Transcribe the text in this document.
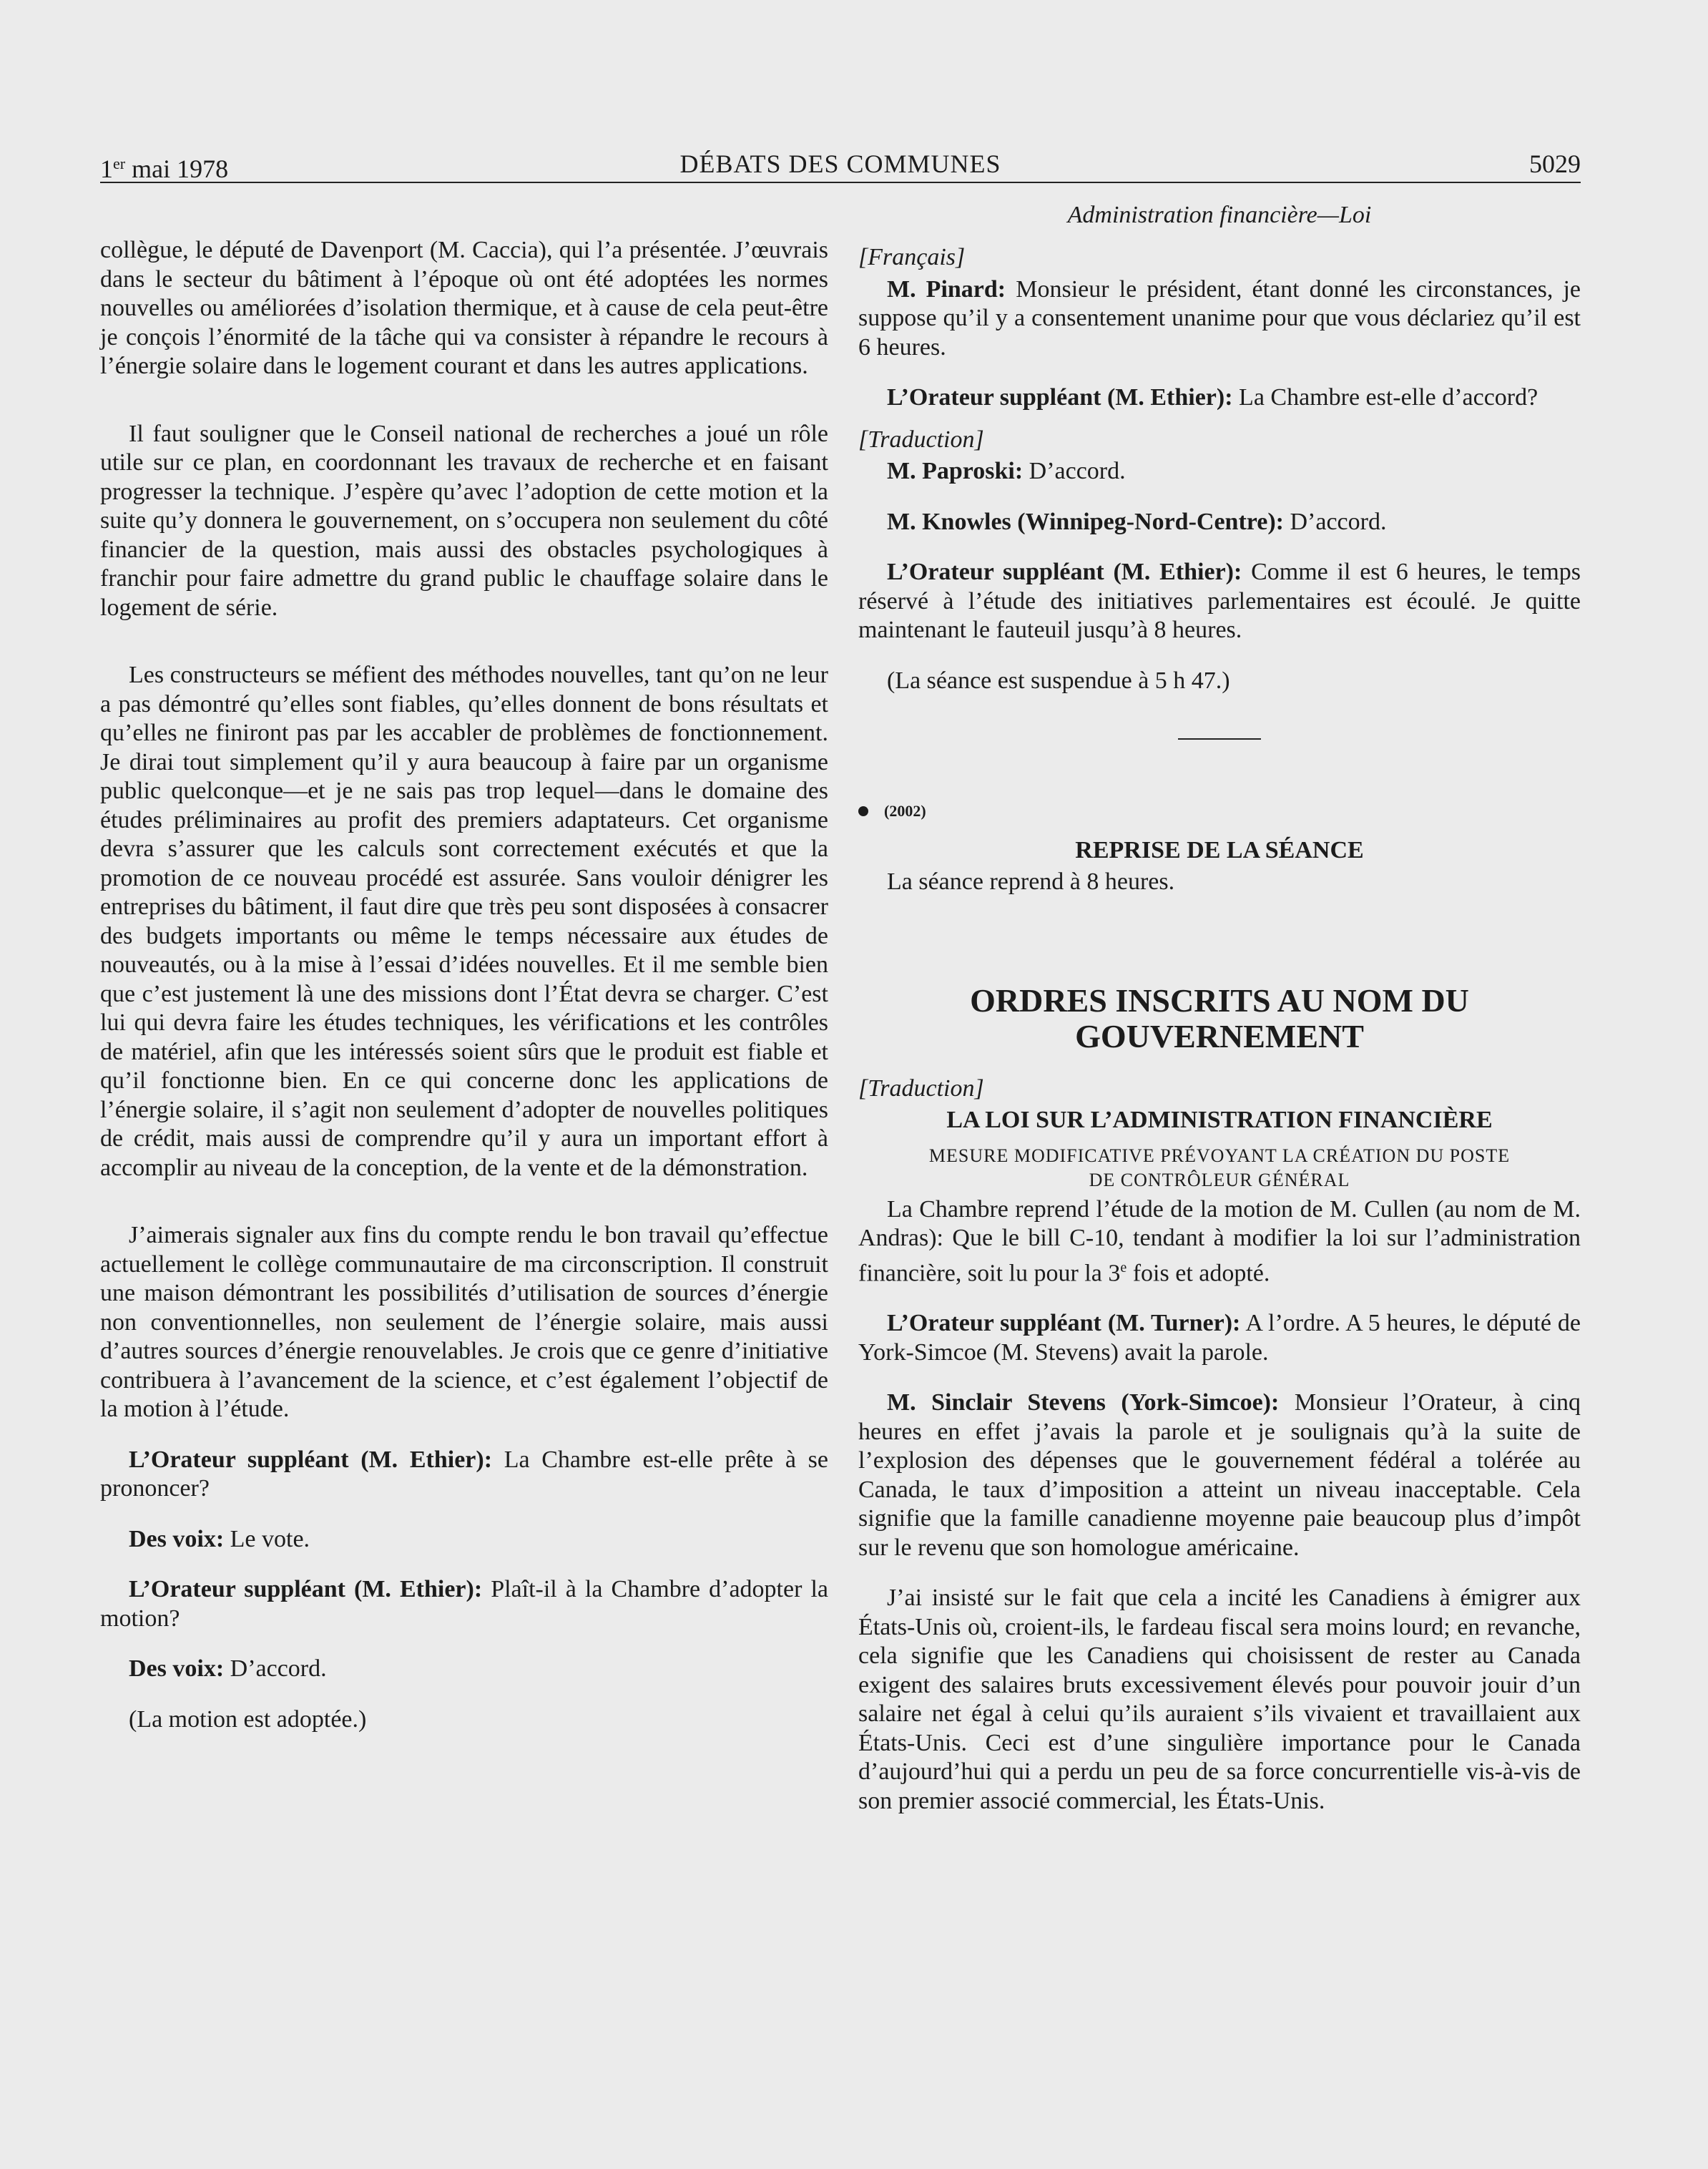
1er mai 1978	DÉBATS DES COMMUNES	5029
Administration financière—Loi

collègue, le député de Davenport (M. Caccia), qui l’a présentée. J’œuvrais dans le secteur du bâtiment à l’époque où ont été adoptées les normes nouvelles ou améliorées d’isolation thermique, et à cause de cela peut-être je conçois l’énormité de la tâche qui va consister à répandre le recours à l’énergie solaire dans le logement courant et dans les autres applications.

Il faut souligner que le Conseil national de recherches a joué un rôle utile sur ce plan, en coordonnant les travaux de recherche et en faisant progresser la technique. J’espère qu’avec l’adoption de cette motion et la suite qu’y donnera le gouvernement, on s’occupera non seulement du côté financier de la question, mais aussi des obstacles psychologiques à franchir pour faire admettre du grand public le chauffage solaire dans le logement de série.

Les constructeurs se méfient des méthodes nouvelles, tant qu’on ne leur a pas démontré qu’elles sont fiables, qu’elles donnent de bons résultats et qu’elles ne finiront pas par les accabler de problèmes de fonctionnement. Je dirai tout simplement qu’il y aura beaucoup à faire par un organisme public quelconque—et je ne sais pas trop lequel—dans le domaine des études préliminaires au profit des premiers adaptateurs. Cet organisme devra s’assurer que les calculs sont correctement exécutés et que la promotion de ce nouveau procédé est assurée. Sans vouloir dénigrer les entreprises du bâtiment, il faut dire que très peu sont disposées à consacrer des budgets importants ou même le temps nécessaire aux études de nouveautés, ou à la mise à l’essai d’idées nouvelles. Et il me semble bien que c’est justement là une des missions dont l’État devra se charger. C’est lui qui devra faire les études techniques, les vérifications et les contrôles de matériel, afin que les intéressés soient sûrs que le produit est fiable et qu’il fonctionne bien. En ce qui concerne donc les applications de l’énergie solaire, il s’agit non seulement d’adopter de nouvelles politiques de crédit, mais aussi de comprendre qu’il y aura un important effort à accomplir au niveau de la conception, de la vente et de la démonstration.

J’aimerais signaler aux fins du compte rendu le bon travail qu’effectue actuellement le collège communautaire de ma circonscription. Il construit une maison démontrant les possibilités d’utilisation de sources d’énergie non conventionnelles, non seulement de l’énergie solaire, mais aussi d’autres sources d’énergie renouvelables. Je crois que ce genre d’initiative contribuera à l’avancement de la science, et c’est également l’objectif de la motion à l’étude.

L’Orateur suppléant (M. Ethier): La Chambre est-elle prête à se prononcer?

Des voix: Le vote.

L’Orateur suppléant (M. Ethier): Plaît-il à la Chambre d’adopter la motion?

Des voix: D’accord.

(La motion est adoptée.)

[Français]

M. Pinard: Monsieur le président, étant donné les circonstances, je suppose qu’il y a consentement unanime pour que vous déclariez qu’il est 6 heures.

L’Orateur suppléant (M. Ethier): La Chambre est-elle d’accord?

[Traduction]

M. Paproski: D’accord.

M. Knowles (Winnipeg-Nord-Centre): D’accord.

L’Orateur suppléant (M. Ethier): Comme il est 6 heures, le temps réservé à l’étude des initiatives parlementaires est écoulé. Je quitte maintenant le fauteuil jusqu’à 8 heures.

(La séance est suspendue à 5 h 47.)

(2002)

REPRISE DE LA SÉANCE

La séance reprend à 8 heures.

ORDRES INSCRITS AU NOM DU

GOUVERNEMENT

[Traduction]

LA LOI SUR L’ADMINISTRATION FINANCIÈRE

MESURE MODIFICATIVE PRÉVOYANT LA CRÉATION DU POSTE

DE CONTRÔLEUR GÉNÉRAL

La Chambre reprend l’étude de la motion de M. Cullen (au nom de M. Andras): Que le bill C-10, tendant à modifier la loi sur l’administration financière, soit lu pour la 3e fois et adopté.

L’Orateur suppléant (M. Turner): A l’ordre. A 5 heures, le député de York-Simcoe (M. Stevens) avait la parole.

M. Sinclair Stevens (York-Simcoe): Monsieur l’Orateur, à cinq heures en effet j’avais la parole et je soulignais qu’à la suite de l’explosion des dépenses que le gouvernement fédéral a tolérée au Canada, le taux d’imposition a atteint un niveau inacceptable. Cela signifie que la famille canadienne moyenne paie beaucoup plus d’impôt sur le revenu que son homologue américaine.

J’ai insisté sur le fait que cela a incité les Canadiens à émigrer aux États-Unis où, croient-ils, le fardeau fiscal sera moins lourd; en revanche, cela signifie que les Canadiens qui choisissent de rester au Canada exigent des salaires bruts excessivement élevés pour pouvoir jouir d’un salaire net égal à celui qu’ils auraient s’ils vivaient et travaillaient aux États-Unis. Ceci est d’une singulière importance pour le Canada d’aujourd’hui qui a perdu un peu de sa force concurrentielle vis-à-vis de son premier associé commercial, les États-Unis.
